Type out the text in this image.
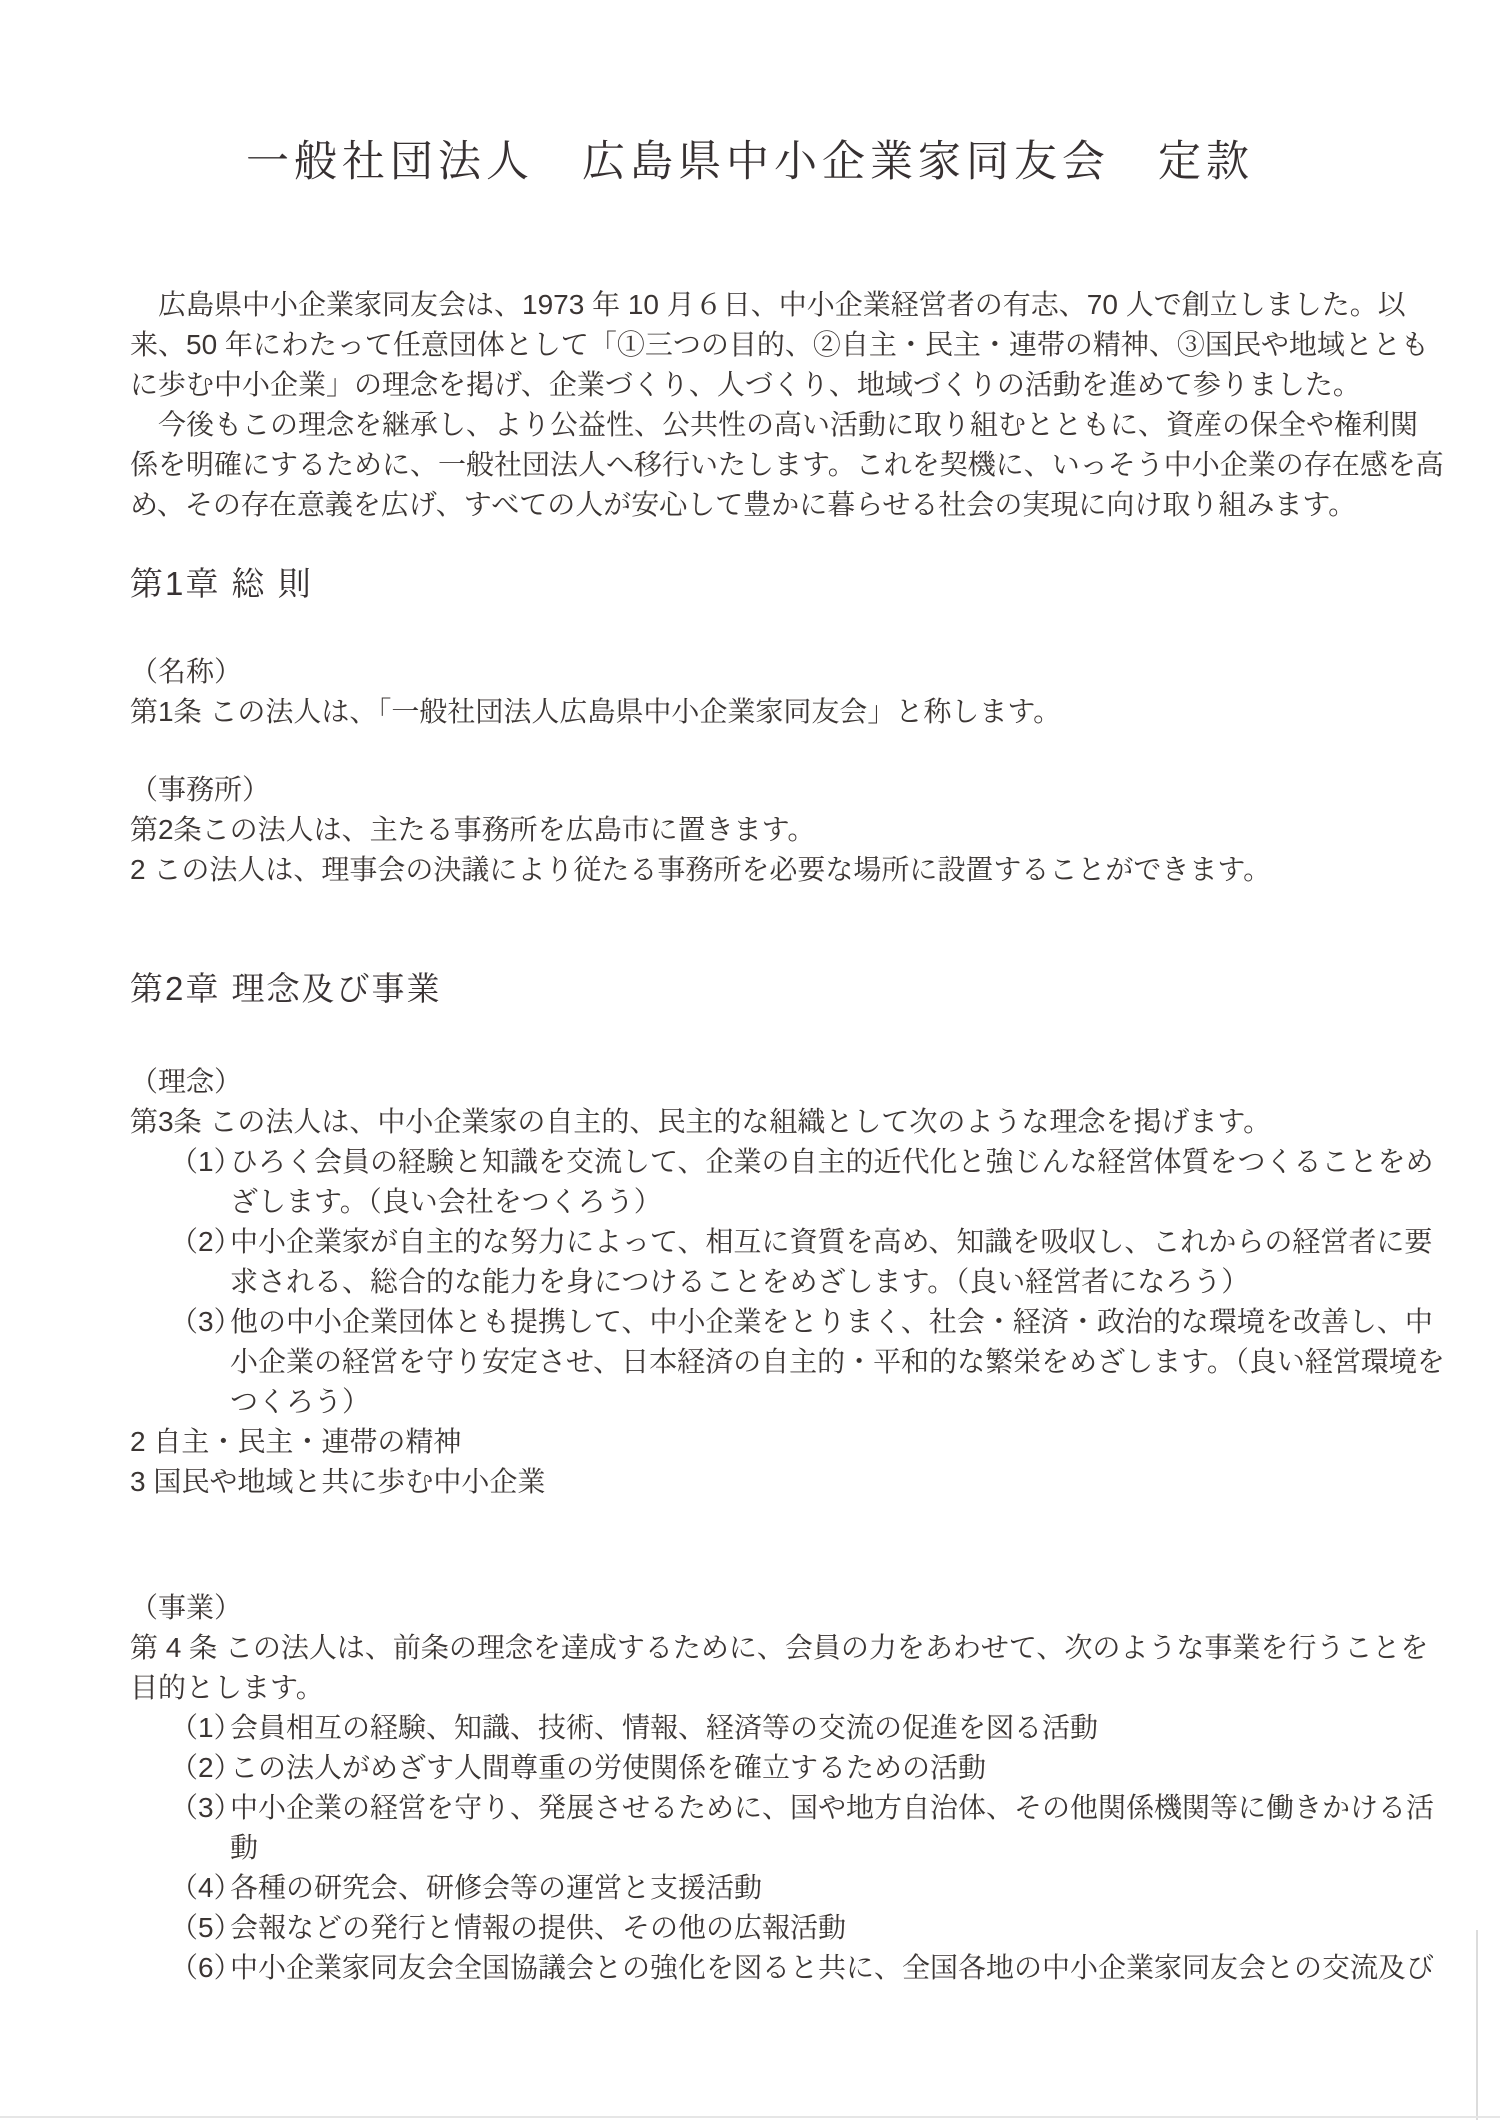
一般社団法人　広島県中小企業家同友会　定款

　広島県中小企業家同友会は、1973 年 10 月６日、中小企業経営者の有志、70 人で創立しました。以来、50 年にわたって任意団体として「①三つの目的、②自主・民主・連帯の精神、③国民や地域とともに歩む中小企業」の理念を掲げ、企業づくり、人づくり、地域づくりの活動を進めて参りました。

　今後もこの理念を継承し、より公益性、公共性の高い活動に取り組むとともに、資産の保全や権利関係を明確にするために、一般社団法人へ移行いたします。これを契機に、いっそう中小企業の存在感を高め、その存在意義を広げ、すべての人が安心して豊かに暮らせる社会の実現に向け取り組みます。

第1章 総 則

（名称）

第1条 この法人は、「一般社団法人広島県中小企業家同友会」と称します。

（事務所）

第2条この法人は、主たる事務所を広島市に置きます。

2 この法人は、理事会の決議により従たる事務所を必要な場所に設置することができます。

第2章 理念及び事業

（理念）

第3条 この法人は、中小企業家の自主的、民主的な組織として次のような理念を掲げます。

（1）
ひろく会員の経験と知識を交流して、企業の自主的近代化と強じんな経営体質をつくることをめざします。（良い会社をつくろう）
（2）
中小企業家が自主的な努力によって、相互に資質を高め、知識を吸収し、これからの経営者に要求される、総合的な能力を身につけることをめざします。（良い経営者になろう）
（3）
他の中小企業団体とも提携して、中小企業をとりまく、社会・経済・政治的な環境を改善し、中小企業の経営を守り安定させ、日本経済の自主的・平和的な繁栄をめざします。（良い経営環境をつくろう）

2 自主・民主・連帯の精神

3 国民や地域と共に歩む中小企業

（事業）

第 4 条 この法人は、前条の理念を達成するために、会員の力をあわせて、次のような事業を行うことを目的とします。

（1）
会員相互の経験、知識、技術、情報、経済等の交流の促進を図る活動
（2）
この法人がめざす人間尊重の労使関係を確立するための活動
（3）
中小企業の経営を守り、発展させるために、国や地方自治体、その他関係機関等に働きかける活動
（4）
各種の研究会、研修会等の運営と支援活動
（5）
会報などの発行と情報の提供、その他の広報活動
（6）
中小企業家同友会全国協議会との強化を図ると共に、全国各地の中小企業家同友会との交流及び
